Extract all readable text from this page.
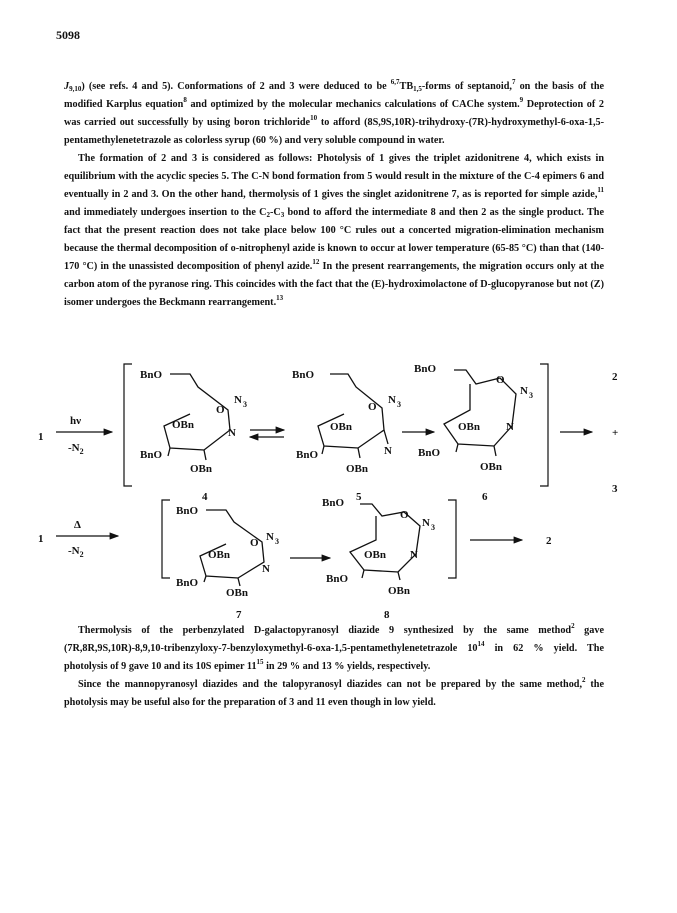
5098

$J_{9,10}$) (see refs. 4 and 5). Conformations of 2 and 3 were deduced to be $^{6,7}TB_{1,5}$-forms of septanoid,$^7$ on the basis of the modified Karplus equation$^8$ and optimized by the molecular mechanics calculations of CAChe system.$^9$ Deprotection of 2 was carried out successfully by using boron trichloride$^{10}$ to afford (8S,9S,10R)-trihydroxy-(7R)-hydroxymethyl-6-oxa-1,5-pentamethylenetetrazole as colorless syrup (60 %) and very soluble compound in water.

The formation of 2 and 3 is considered as follows: Photolysis of 1 gives the triplet azidonitrene 4, which exists in equilibrium with the acyclic species 5. The C-N bond formation from 5 would result in the mixture of the C-4 epimers 6 and eventually in 2 and 3. On the other hand, thermolysis of 1 gives the singlet azidonitrene 7, as is reported for simple azide,$^{11}$ and immediately undergoes insertion to the $C_2-C_3$ bond to afford the intermediate 8 and then 2 as the single product. The fact that the present reaction does not take place below 100 °C rules out a concerted migration-elimination mechanism because the thermal decomposition of o-nitrophenyl azide is known to occur at lower temperature (65-85 °C) than that (140-170 °C) in the unassisted decomposition of phenyl azide.$^{12}$ In the present rearrangements, the migration occurs only at the carbon atom of the pyranose ring. This coincides with the fact that the (E)-hydroximolactone of D-glucopyranose but not (Z) isomer undergoes the Beckmann rearrangement.$^{13}$

1
hν
$-N_2$
BnO
O
N 3
OBn
N
BnO
OBn
4
BnO
O
N 3
OBn
N
BnO
OBn
5
BnO
O
N 3
OBn N
BnO
OBn
6
2
+
3
1
Δ
$-N_2$
BnO
O N 3
OBn
N
BnO
OBn
7
BnO
O
N 3
OBn N
BnO
OBn
8
2

Thermolysis of the perbenzylated D-galactopyranosyl diazide 9 synthesized by the same method$^2$ gave (7R,8R,9S,10R)-8,9,10-tribenzyloxy-7-benzyloxymethyl-6-oxa-1,5-pentamethylenetetrazole $10^{14}$ in 62 % yield. The photolysis of 9 gave 10 and its 10S epimer $11^{15}$ in 29 % and 13 % yields, respectively.

Since the mannopyranosyl diazides and the talopyranosyl diazides can not be prepared by the same method,$^2$ the photolysis may be useful also for the preparation of 3 and 11 even though in low yield.
